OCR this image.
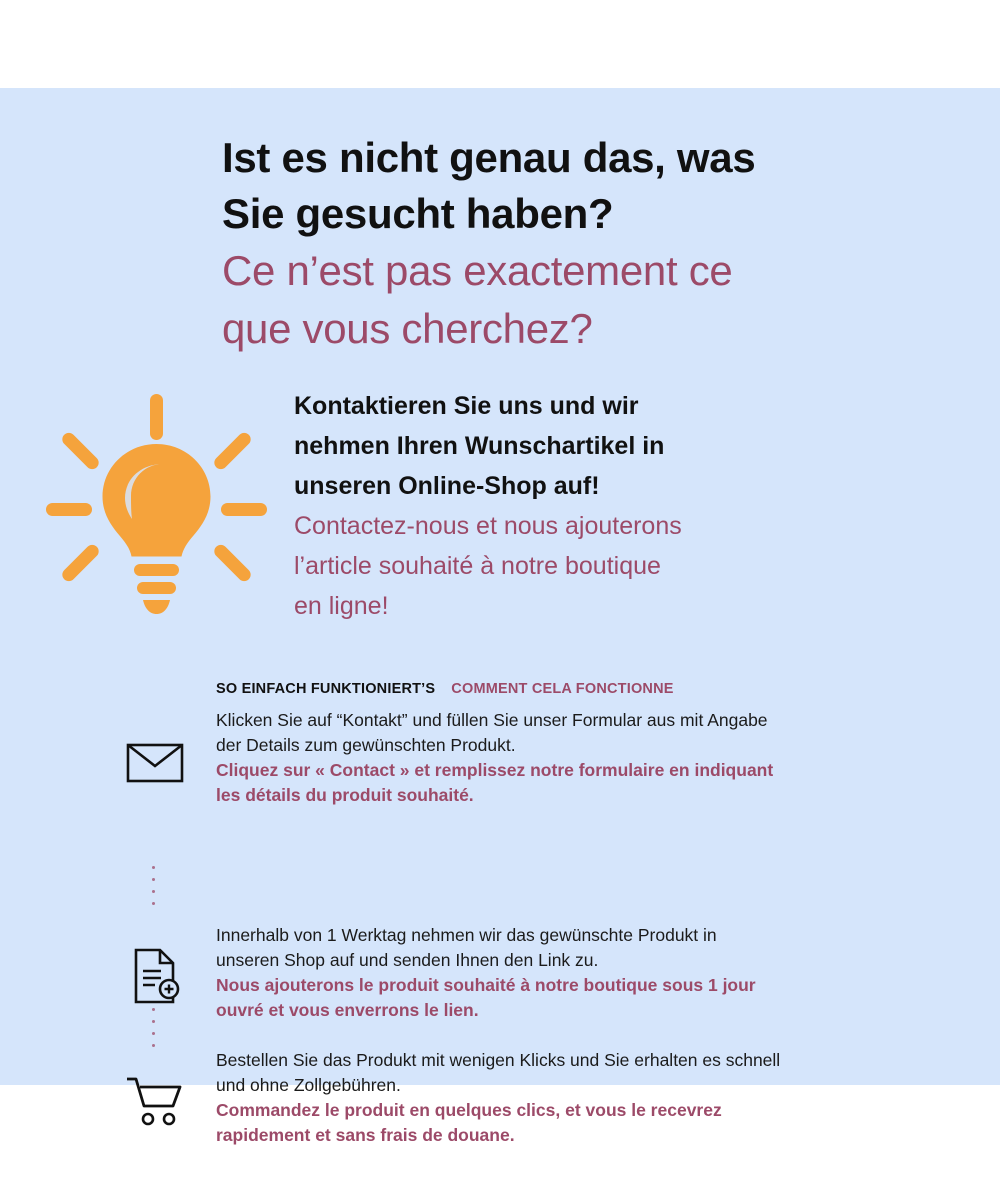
Ist es nicht genau das, was

Sie gesucht haben?

Ce n’est pas exactement ce

que vous cherchez?

Kontaktieren Sie uns und wir

nehmen Ihren Wunschartikel in

unseren Online-Shop auf!

Contactez-nous et nous ajouterons

l’article souhaité à notre boutique

en ligne!

SO EINFACH FUNKTIONIERT’S COMMENT CELA FONCTIONNE

Klicken Sie auf “Kontakt” und füllen Sie unser Formular aus mit Angabe

der Details zum gewünschten Produkt.

Cliquez sur « Contact » et remplissez notre formulaire en indiquant

les détails du produit souhaité.

Innerhalb von 1 Werktag nehmen wir das gewünschte Produkt in

unseren Shop auf und senden Ihnen den Link zu.

Nous ajouterons le produit souhaité à notre boutique sous 1 jour

ouvré et vous enverrons le lien.

Bestellen Sie das Produkt mit wenigen Klicks und Sie erhalten es schnell

und ohne Zollgebühren.

Commandez le produit en quelques clics, et vous le recevrez

rapidement et sans frais de douane.
